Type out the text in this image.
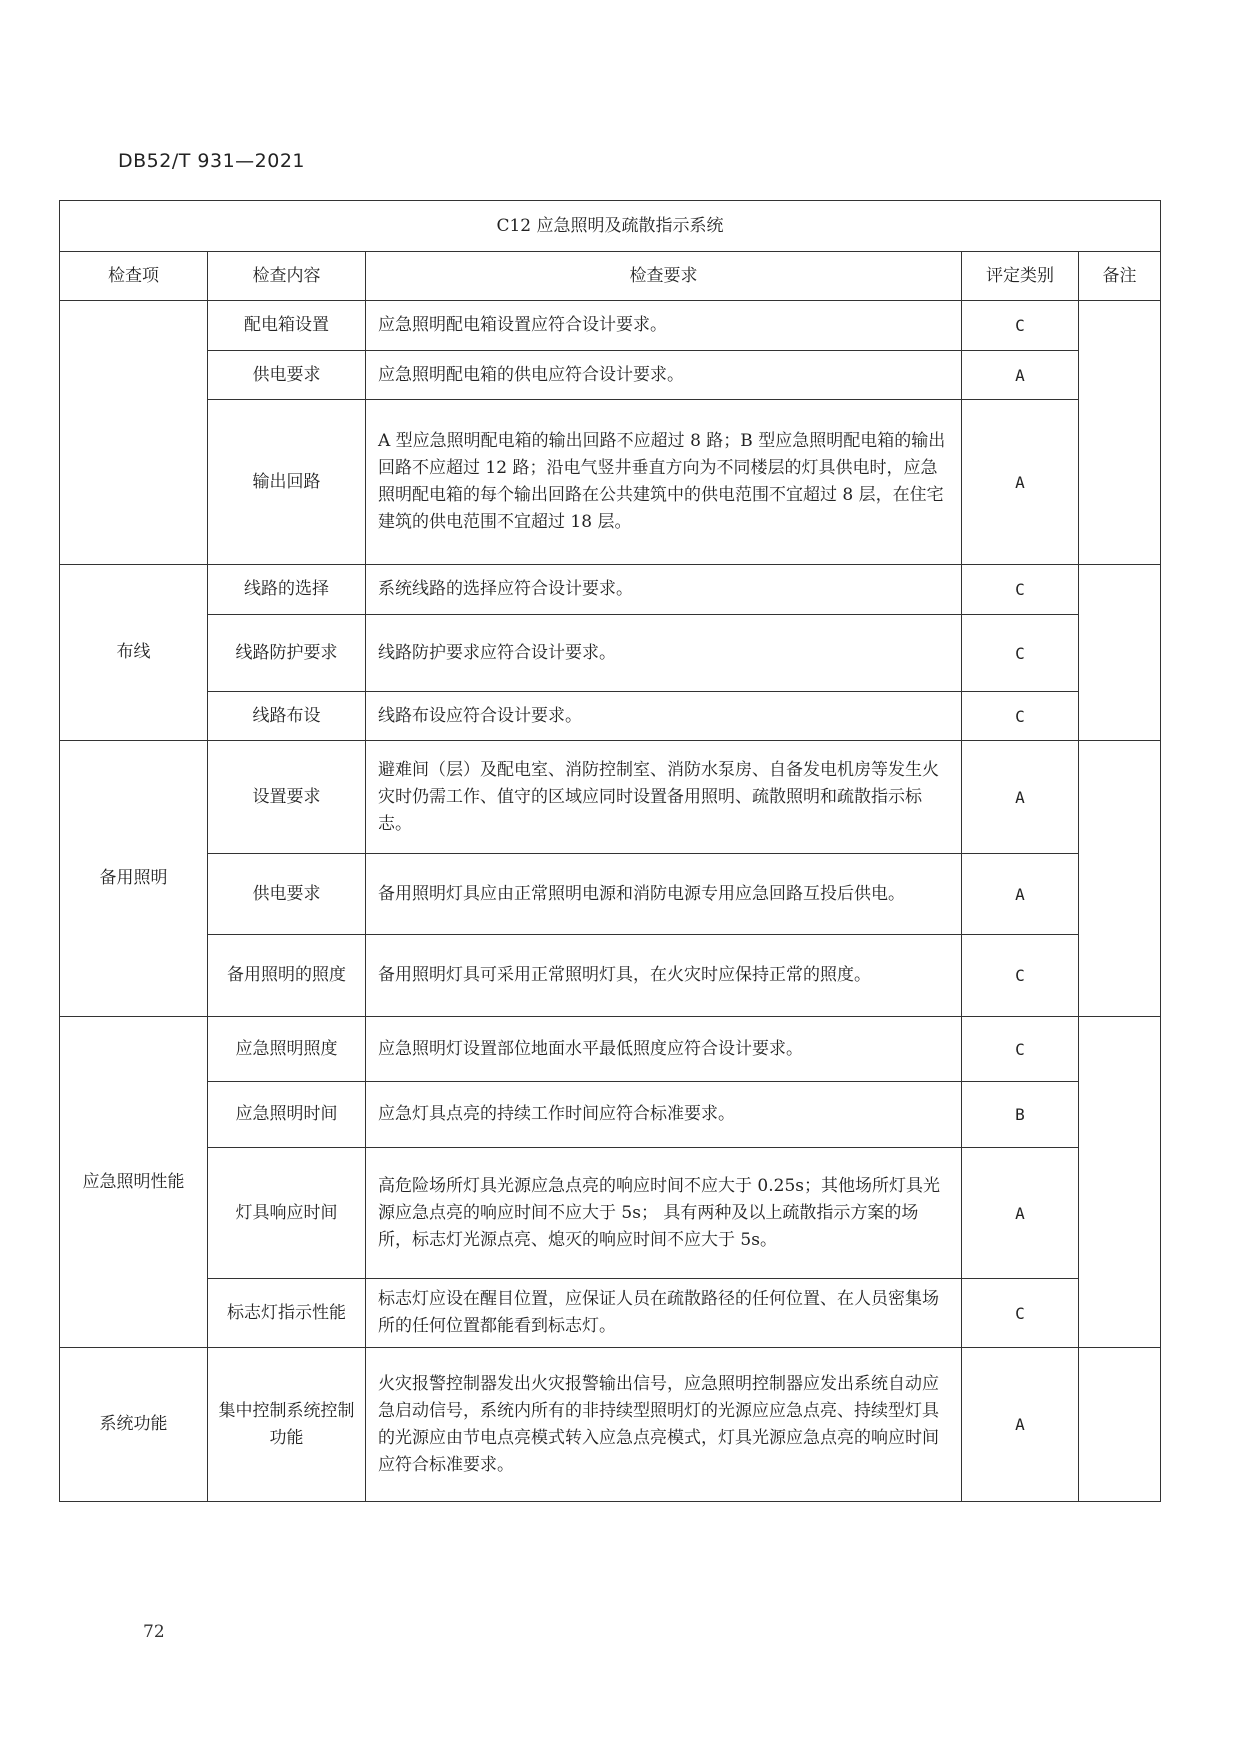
DB52/T 931—2021
C12 应急照明及疏散指示系统				
检查项	检查内容	检查要求	评定类别	备注
	配电箱设置	应急照明配电箱设置应符合设计要求。	C	
	供电要求	应急照明配电箱的供电应符合设计要求。	A	
	输出回路	A 型应急照明配电箱的输出回路不应超过 8 路；B 型应急照明配电箱的输出回路不应超过 12 路；沿电气竖井垂直方向为不同楼层的灯具供电时，应急照明配电箱的每个输出回路在公共建筑中的供电范围不宜超过 8 层，在住宅建筑的供电范围不宜超过 18 层。	A	
布线	线路的选择	系统线路的选择应符合设计要求。	C	
	线路防护要求	线路防护要求应符合设计要求。	C	
	线路布设	线路布设应符合设计要求。	C	
备用照明	设置要求	避难间（层）及配电室、消防控制室、消防水泵房、自备发电机房等发生火灾时仍需工作、值守的区域应同时设置备用照明、疏散照明和疏散指示标志。	A	
	供电要求	备用照明灯具应由正常照明电源和消防电源专用应急回路互投后供电。	A	
	备用照明的照度	备用照明灯具可采用正常照明灯具，在火灾时应保持正常的照度。	C	
应急照明性能	应急照明照度	应急照明灯设置部位地面水平最低照度应符合设计要求。	C	
	应急照明时间	应急灯具点亮的持续工作时间应符合标准要求。	B	
	灯具响应时间	高危险场所灯具光源应急点亮的响应时间不应大于 0.25s；其他场所灯具光源应急点亮的响应时间不应大于 5s； 具有两种及以上疏散指示方案的场所，标志灯光源点亮、熄灭的响应时间不应大于 5s。	A	
	标志灯指示性能	标志灯应设在醒目位置，应保证人员在疏散路径的任何位置、在人员密集场所的任何位置都能看到标志灯。	C	
系统功能	集中控制系统控制功能	火灾报警控制器发出火灾报警输出信号，应急照明控制器应发出系统自动应急启动信号，系统内所有的非持续型照明灯的光源应应急点亮、持续型灯具的光源应由节电点亮模式转入应急点亮模式，灯具光源应急点亮的响应时间应符合标准要求。	A	
72
